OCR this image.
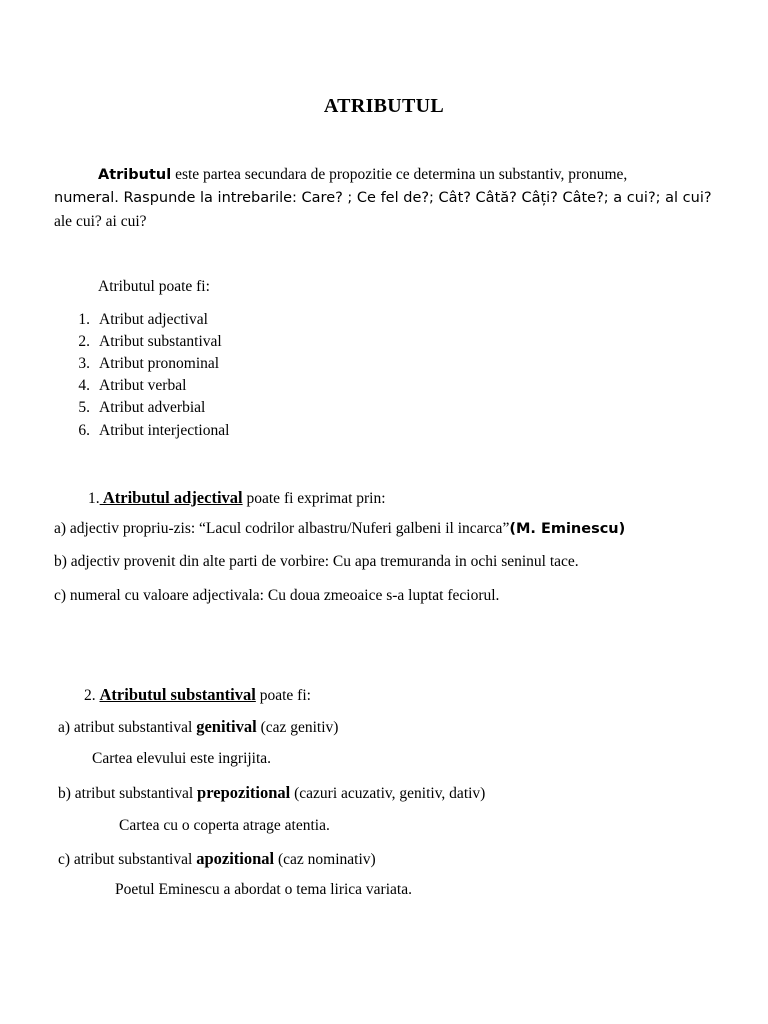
ATRIBUTUL
Atributul este partea secundara de propozitie ce determina un substantiv, pronume,
numeral. Raspunde la intrebarile: Care? ; Ce fel de?; Cât? Câtă? Câți? Câte?; a cui?; al cui?
ale cui? ai cui?
Atributul poate fi:
1. Atribut adjectival
2. Atribut substantival
3. Atribut pronominal
4. Atribut verbal
5. Atribut adverbial
6. Atribut interjectional
1. Atributul adjectival poate fi exprimat prin:
a) adjectiv propriu-zis: “Lacul codrilor albastru/Nuferi galbeni il incarca”(M. Eminescu)
b) adjectiv provenit din alte parti de vorbire: Cu apa tremuranda in ochi seninul tace.
c) numeral cu valoare adjectivala: Cu doua zmeoaice s-a luptat feciorul.
2. Atributul substantival poate fi:
a) atribut substantival genitival (caz genitiv)
Cartea elevului este ingrijita.
b) atribut substantival prepozitional (cazuri acuzativ, genitiv, dativ)
Cartea cu o coperta atrage atentia.
c) atribut substantival apozitional (caz nominativ)
Poetul Eminescu a abordat o tema lirica variata.
